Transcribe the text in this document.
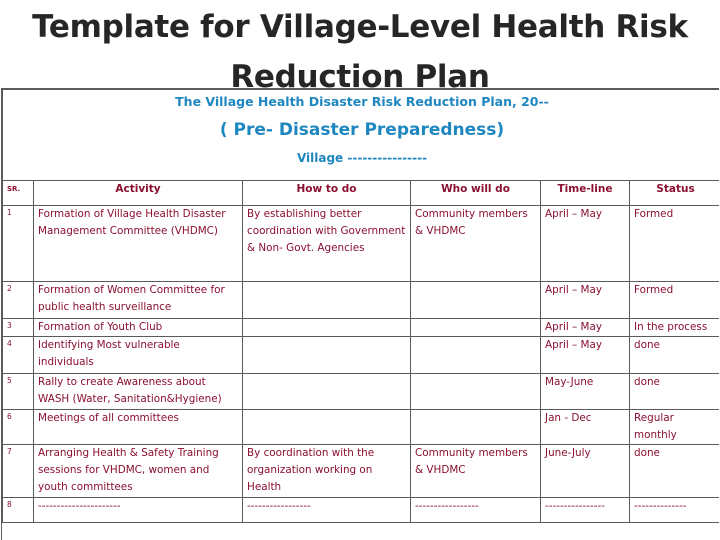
Template for Village-Level Health Risk
Reduction Plan
The Village Health Disaster Risk Reduction Plan, 20--
( Pre- Disaster Preparedness)
Village ----------------					

SR.	Activity	How to do	Who will do	Time-line	Status
1	Formation of Village Health Disaster Management Committee (VHDMC)	By establishing better coordination with Government & Non- Govt. Agencies	Community members & VHDMC	April – May	Formed
2	Formation of Women Committee for public health surveillance			April – May	Formed
3	Formation of Youth Club			April – May	In the process
4	Identifying Most vulnerable individuals			April – May	done
5	Rally to create Awareness about WASH (Water, Sanitation&Hygiene)			May-June	done
6	Meetings of all committees			Jan - Dec	Regular monthly
7	Arranging Health & Safety Training sessions for VHDMC, women and youth committees	By coordination with the organization working on Health	Community members & VHDMC	June-July	done
8	----------------------	-----------------	-----------------	----------------	--------------
